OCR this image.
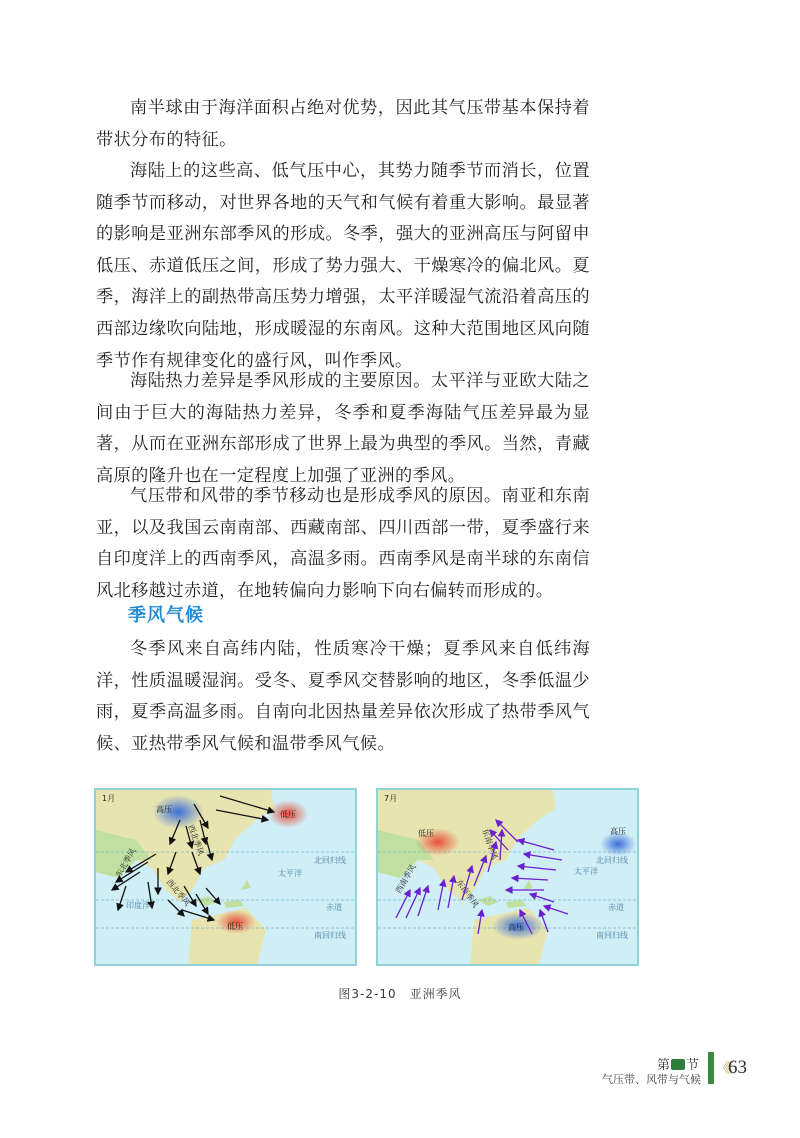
南半球由于海洋面积占绝对优势，因此其气压带基本保持着带状分布的特征。

海陆上的这些高、低气压中心，其势力随季节而消长，位置随季节而移动，对世界各地的天气和气候有着重大影响。最显著的影响是亚洲东部季风的形成。冬季，强大的亚洲高压与阿留申低压、赤道低压之间，形成了势力强大、干燥寒冷的偏北风。夏季，海洋上的副热带高压势力增强，太平洋暖湿气流沿着高压的西部边缘吹向陆地，形成暖湿的东南风。这种大范围地区风向随季节作有规律变化的盛行风，叫作季风。

海陆热力差异是季风形成的主要原因。太平洋与亚欧大陆之间由于巨大的海陆热力差异，冬季和夏季海陆气压差异最为显著，从而在亚洲东部形成了世界上最为典型的季风。当然，青藏高原的隆升也在一定程度上加强了亚洲的季风。

气压带和风带的季节移动也是形成季风的原因。南亚和东南亚，以及我国云南南部、西藏南部、四川西部一带，夏季盛行来自印度洋上的西南季风，高温多雨。西南季风是南半球的东南信风北移越过赤道，在地转偏向力影响下向右偏转而形成的。

季风气候

冬季风来自高纬内陆，性质寒冷干燥；夏季风来自低纬海洋，性质温暖湿润。受冬、夏季风交替影响的地区，冬季低温少雨，夏季高温多雨。自南向北因热量差异依次形成了热带季风气候、亚热带季风气候和温带季风气候。

1月
高压
低压
低压
东北季风
西北季风
西北季风
北回归线
赤道
南回归线
太平洋
印度洋
7月
低压	高压
高压
西南季风
东南季风
东南季风
北回归线
赤道
南回归线
太平洋
图3-2-10　亚洲季风
第 节
气压带、风带与气候
《《
63
